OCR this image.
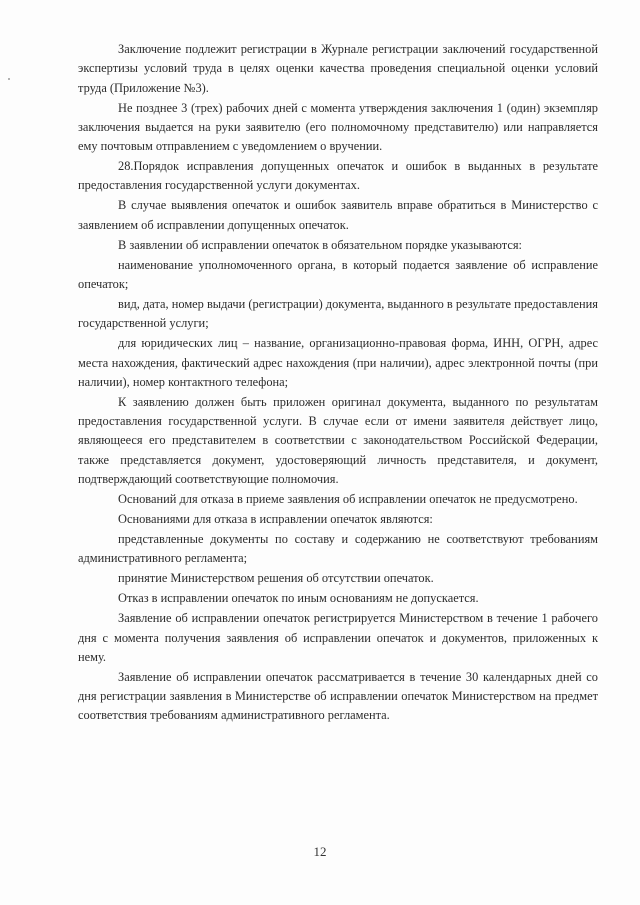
Заключение подлежит регистрации в Журнале регистрации заключений государственной экспертизы условий труда в целях оценки качества проведения специальной оценки условий труда (Приложение №3).

Не позднее 3 (трех) рабочих дней с момента утверждения заключения 1 (один) экземпляр заключения выдается на руки заявителю (его полномочному представителю) или направляется ему почтовым отправлением с уведомлением о вручении.

28.Порядок исправления допущенных опечаток и ошибок в выданных в результате предоставления государственной услуги документах.

В случае выявления опечаток и ошибок заявитель вправе обратиться в Министерство с заявлением об исправлении допущенных опечаток.

В заявлении об исправлении опечаток в обязательном порядке указываются:

наименование уполномоченного органа, в который подается заявление об исправление опечаток;

вид, дата, номер выдачи (регистрации) документа, выданного в результате предоставления государственной услуги;

для юридических лиц – название, организационно-правовая форма, ИНН, ОГРН, адрес места нахождения, фактический адрес нахождения (при наличии), адрес электронной почты (при наличии), номер контактного телефона;

К заявлению должен быть приложен оригинал документа, выданного по результатам предоставления государственной услуги. В случае если от имени заявителя действует лицо, являющееся его представителем в соответствии с законодательством Российской Федерации, также представляется документ, удостоверяющий личность представителя, и документ, подтверждающий соответствующие полномочия.

Оснований для отказа в приеме заявления об исправлении опечаток не предусмотрено.

Основаниями для отказа в исправлении опечаток являются:

представленные документы по составу и содержанию не соответствуют требованиям административного регламента;

принятие Министерством решения об отсутствии опечаток.

Отказ в исправлении опечаток по иным основаниям не допускается.

Заявление об исправлении опечаток регистрируется Министерством в течение 1 рабочего дня с момента получения заявления об исправлении опечаток и документов, приложенных к нему.

Заявление об исправлении опечаток рассматривается в течение 30 календарных дней со дня регистрации заявления в Министерстве об исправлении опечаток Министерством на предмет соответствия требованиям административного регламента.

12
